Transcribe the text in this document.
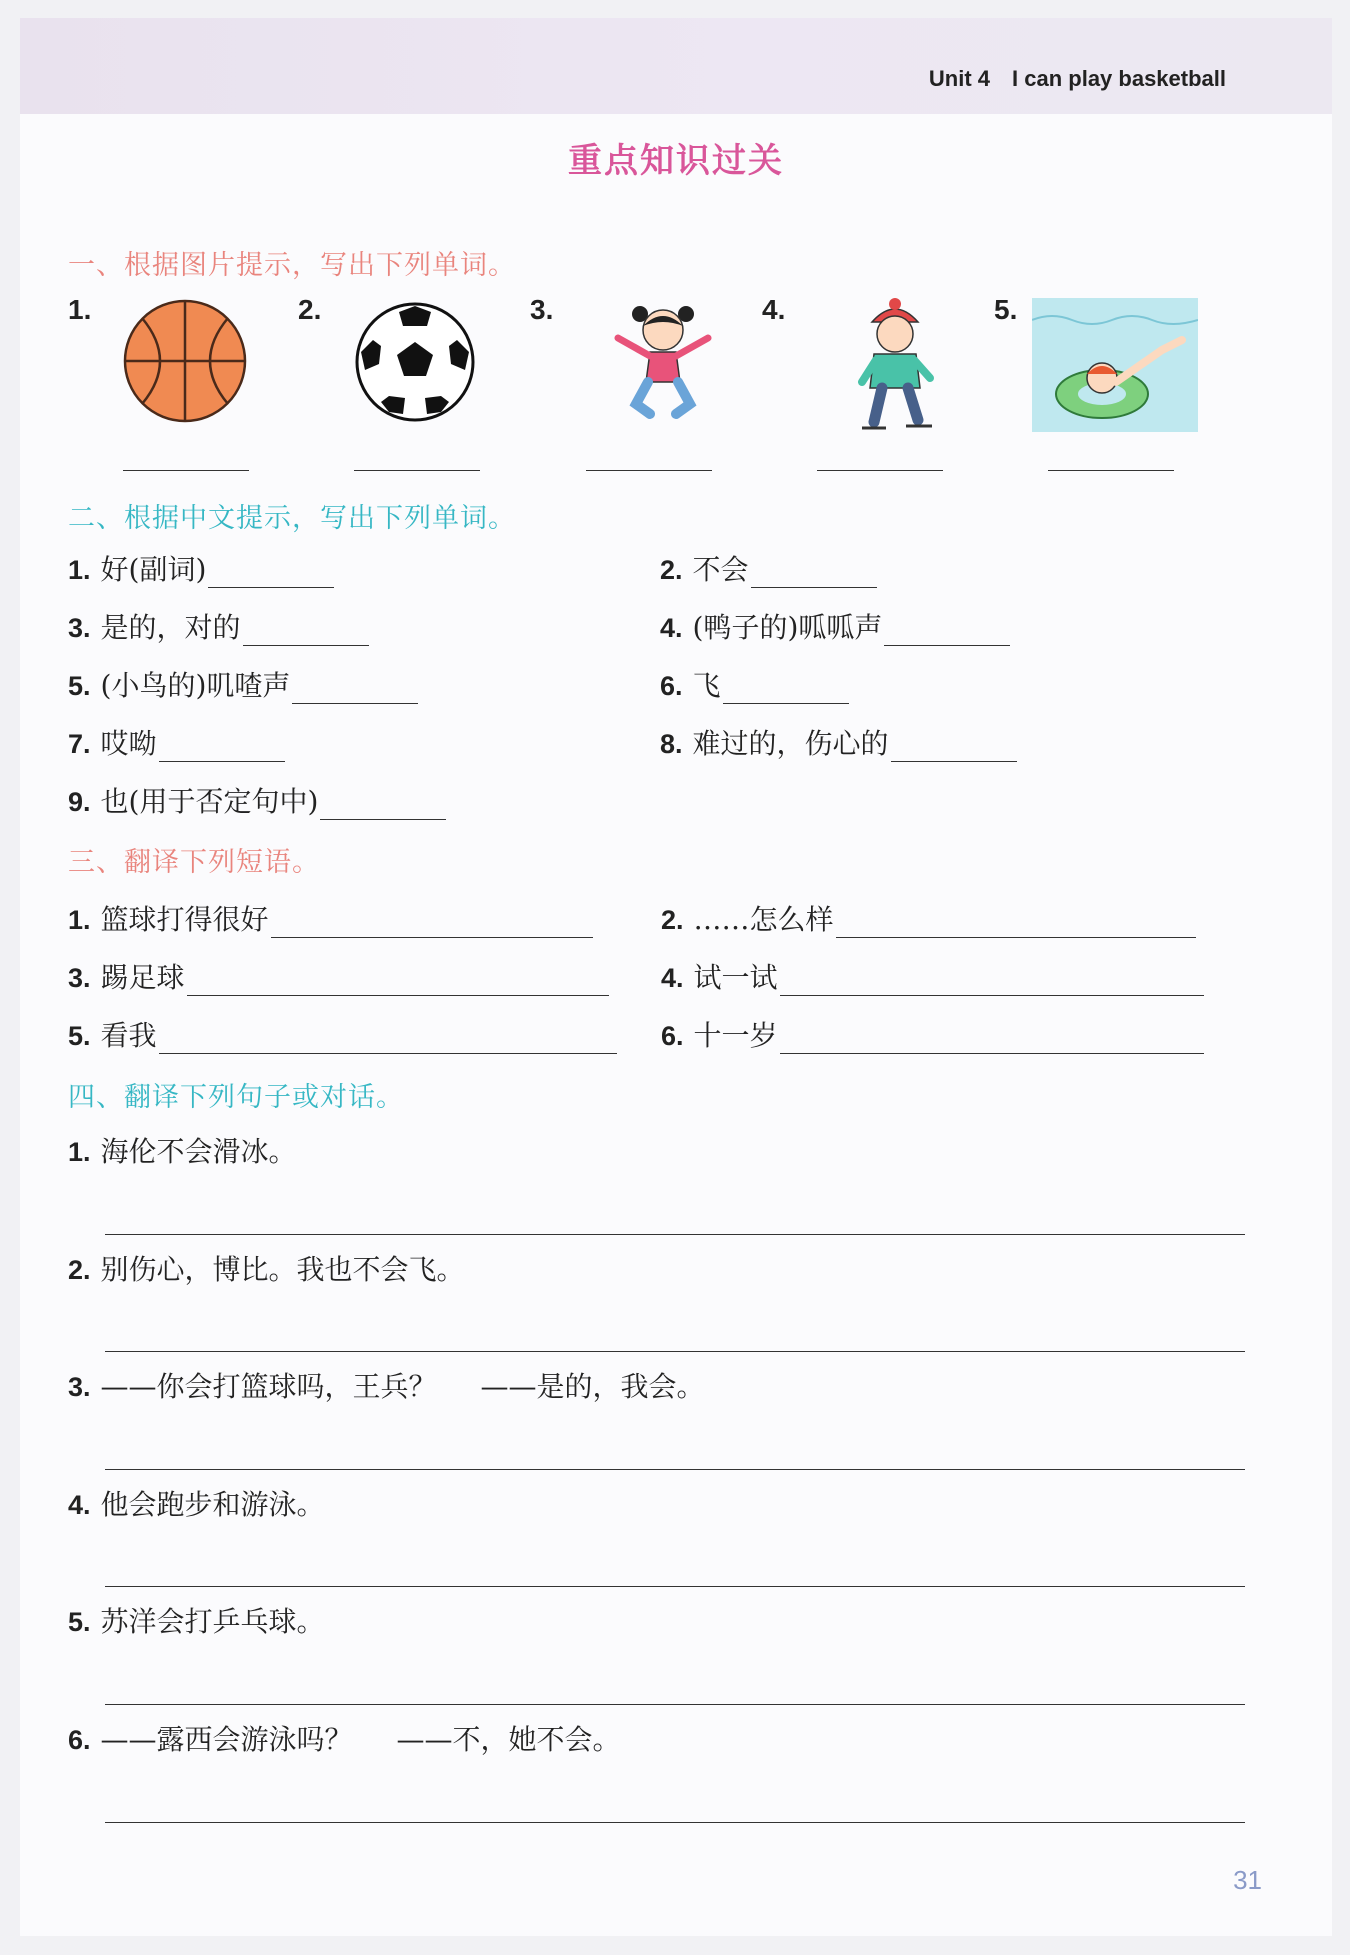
Unit 4 I can play basketball
重点知识过关
一、根据图片提示，写出下列单词。
1.	2.	3.	4.	5.
二、根据中文提示，写出下列单词。
1. 好(副词)	2. 不会
3. 是的，对的	4. (鸭子的)呱呱声
5. (小鸟的)叽喳声	6. 飞
7. 哎呦	8. 难过的，伤心的
9. 也(用于否定句中)
三、翻译下列短语。
1. 篮球打得很好	2. ……怎么样
3. 踢足球	4. 试一试
5. 看我	6. 十一岁
四、翻译下列句子或对话。
1. 海伦不会滑冰。
2. 别伤心，博比。我也不会飞。
3. ——你会打篮球吗，王兵？ ——是的，我会。
4. 他会跑步和游泳。
5. 苏洋会打乒乓球。
6. ——露西会游泳吗？ ——不，她不会。
31
